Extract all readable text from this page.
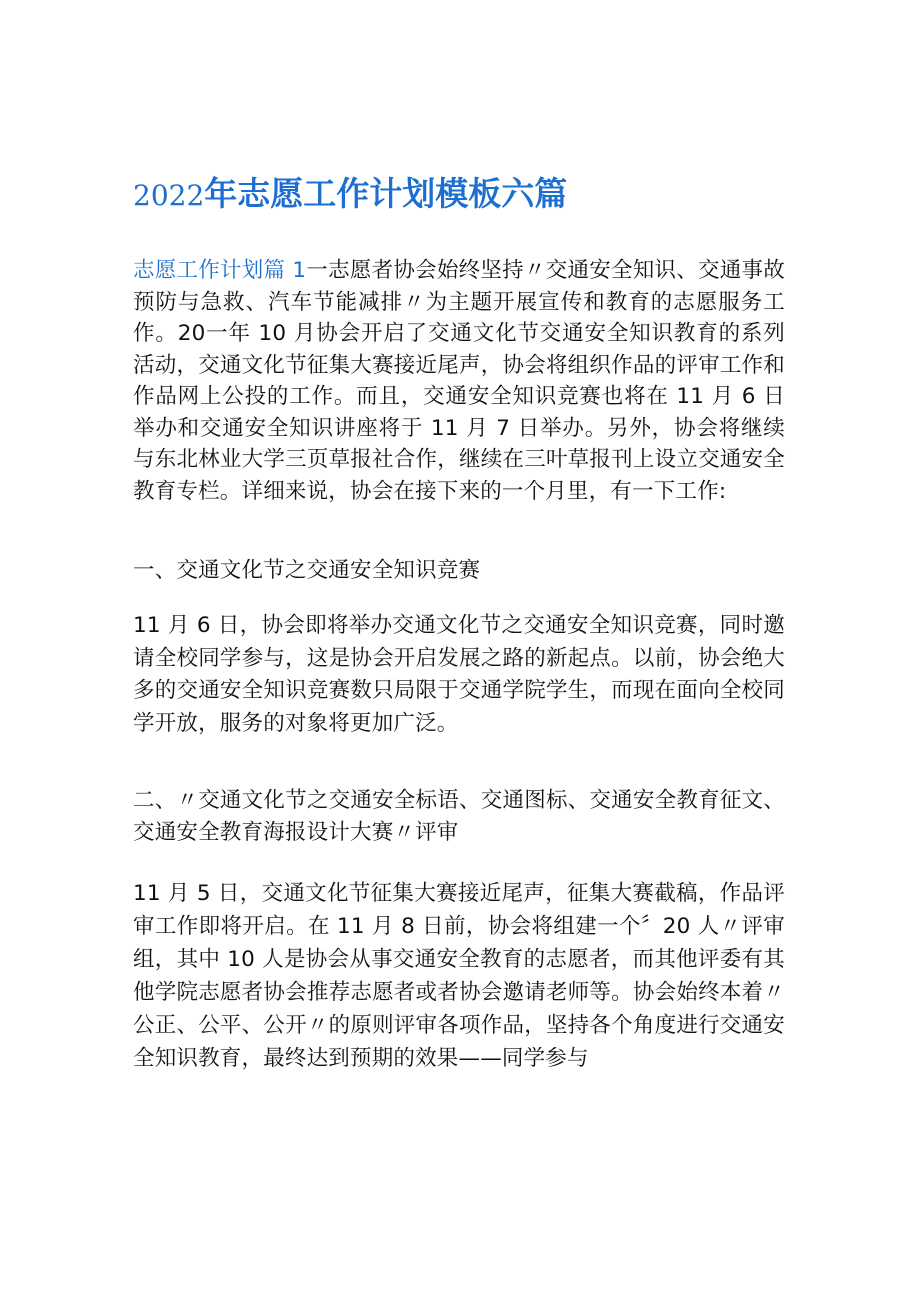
2022年志愿工作计划模板六篇

志愿工作计划篇 1一志愿者协会始终坚持〃交通安全知识、交通事故预防与急救、汽车节能减排〃为主题开展宣传和教育的志愿服务工作。20一年 10 月协会开启了交通文化节交通安全知识教育的系列活动，交通文化节征集大赛接近尾声，协会将组织作品的评审工作和作品网上公投的工作。而且，交通安全知识竞赛也将在 11 月 6 日举办和交通安全知识讲座将于 11 月 7 日举办。另外，协会将继续与东北林业大学三页草报社合作，继续在三叶草报刊上设立交通安全教育专栏。详细来说，协会在接下来的一个月里，有一下工作:

一、交通文化节之交通安全知识竞赛

11 月 6 日，协会即将举办交通文化节之交通安全知识竞赛，同时邀请全校同学参与，这是协会开启发展之路的新起点。以前，协会绝大多的交通安全知识竞赛数只局限于交通学院学生，而现在面向全校同学开放，服务的对象将更加广泛。

二、〃交通文化节之交通安全标语、交通图标、交通安全教育征文、交通安全教育海报设计大赛〃评审

11 月 5 日，交通文化节征集大赛接近尾声，征集大赛截稿，作品评审工作即将开启。在 11 月 8 日前，协会将组建一个〞20 人〃评审组，其中 10 人是协会从事交通安全教育的志愿者，而其他评委有其他学院志愿者协会推荐志愿者或者协会邀请老师等。协会始终本着〃公正、公平、公开〃的原则评审各项作品，坚持各个角度进行交通安全知识教育，最终达到预期的效果——同学参与
